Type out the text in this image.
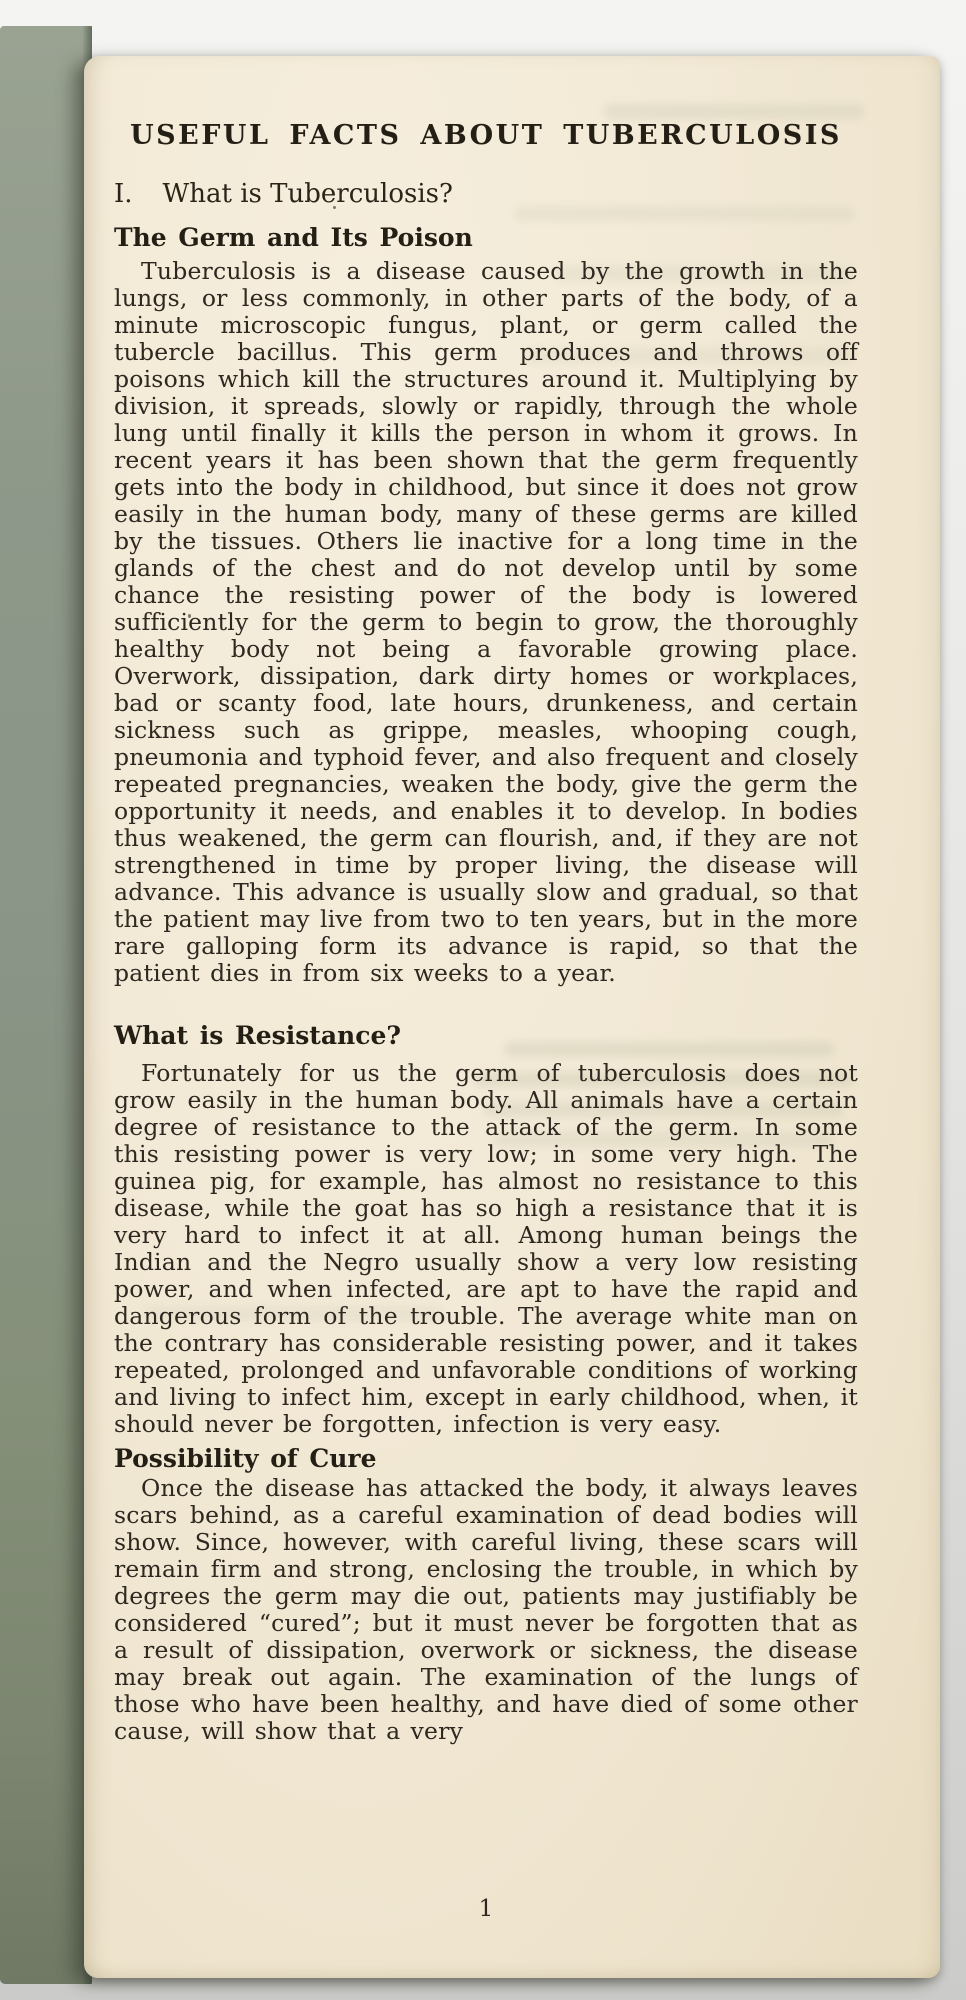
USEFUL FACTS ABOUT TUBERCULOSIS
I. What is Tuberculosis?
The Germ and Its Poison

Tuberculosis is a disease caused by the growth in the lungs, or less commonly, in other parts of the body, of a minute microscopic fungus, plant, or germ called the tubercle bacillus. This germ produces and throws off poisons which kill the structures around it. Multiplying by division, it spreads, slowly or rapidly, through the whole lung until finally it kills the person in whom it grows. In recent years it has been shown that the germ frequently gets into the body in childhood, but since it does not grow easily in the human body, many of these germs are killed by the tissues. Others lie inactive for a long time in the glands of the chest and do not develop until by some chance the resisting power of the body is lowered sufficiently for the germ to begin to grow, the thoroughly healthy body not being a favorable growing place. Overwork, dissipation, dark dirty homes or workplaces, bad or scanty food, late hours, drunkeness, and certain sickness such as grippe, measles, whooping cough, pneumonia and typhoid fever, and also frequent and closely repeated pregnancies, weaken the body, give the germ the opportunity it needs, and enables it to develop. In bodies thus weakened, the germ can flourish, and, if they are not strengthened in time by proper living, the disease will advance. This advance is usually slow and gradual, so that the patient may live from two to ten years, but in the more rare galloping form its advance is rapid, so that the patient dies in from six weeks to a year.

What is Resistance?

Fortunately for us the germ of tuberculosis does not grow easily in the human body. All animals have a certain degree of resistance to the attack of the germ. In some this resisting power is very low; in some very high. The guinea pig, for example, has almost no resistance to this disease, while the goat has so high a resistance that it is very hard to infect it at all. Among human beings the Indian and the Negro usually show a very low resisting power, and when infected, are apt to have the rapid and dangerous form of the trouble. The average white man on the contrary has considerable resisting power, and it takes repeated, prolonged and unfavorable conditions of working and living to infect him, except in early childhood, when, it should never be forgotten, infection is very easy.

Possibility of Cure

Once the disease has attacked the body, it always leaves scars behind, as a careful examination of dead bodies will show. Since, however, with careful living, these scars will remain firm and strong, enclosing the trouble, in which by degrees the germ may die out, patients may justifiably be considered “cured”; but it must never be forgotten that as a result of dissipation, overwork or sickness, the disease may break out again. The examination of the lungs of those who have been healthy, and have died of some other cause, will show that a very

1
